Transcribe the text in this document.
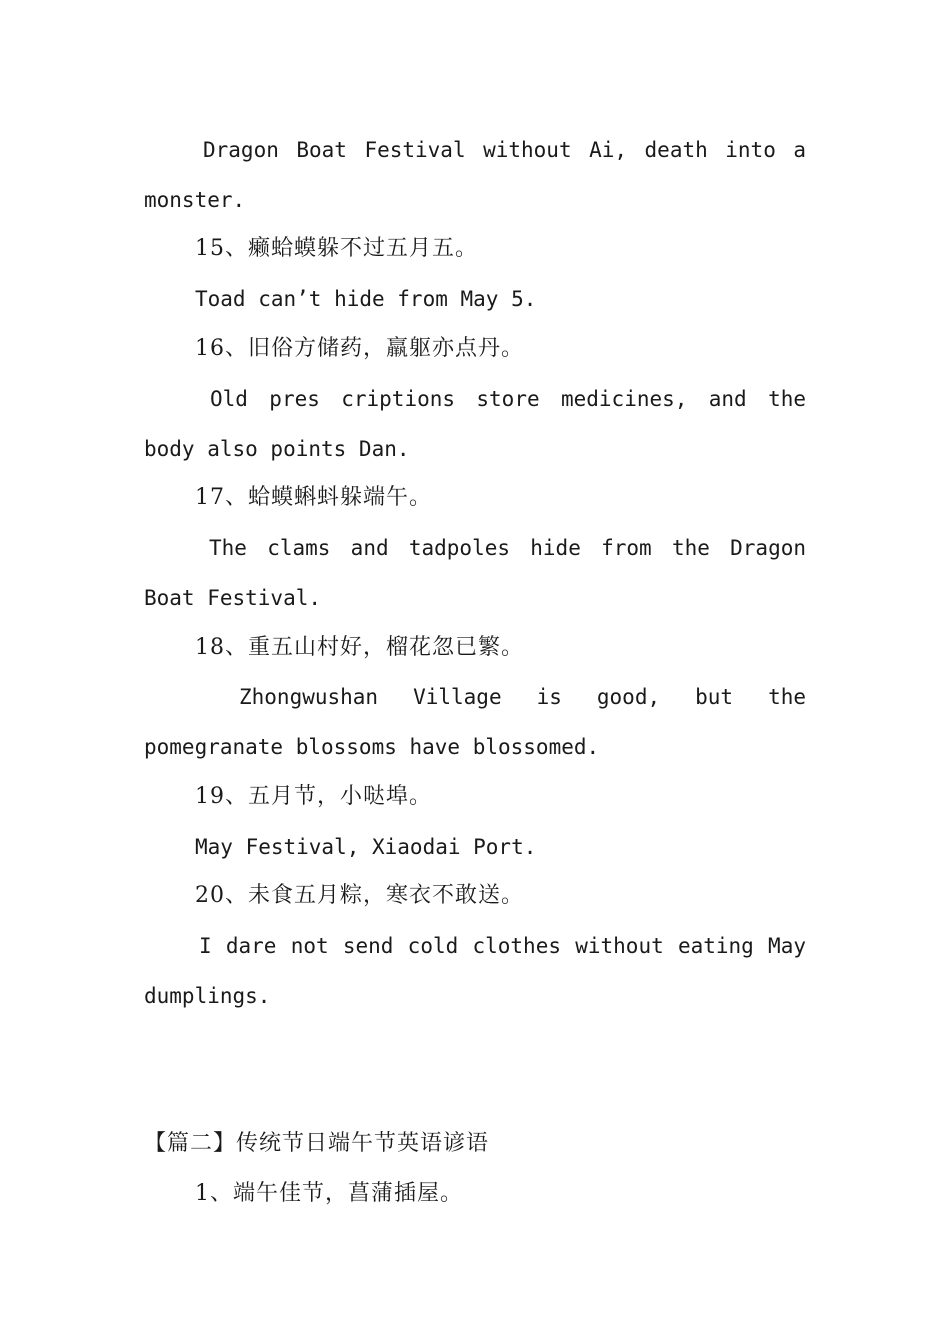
Dragon Boat Festival without Ai, death into a
monster.
15、癞蛤蟆躲不过五月五。
Toad can’t hide from May 5.
16、旧俗方储药，羸躯亦点丹。
Old pres criptions store medicines, and the
body also points Dan.
17、蛤蟆蝌蚪躲端午。
The clams and tadpoles hide from the Dragon
Boat Festival.
18、重五山村好，榴花忽已繁。
Zhongwushan Village is good, but the
pomegranate blossoms have blossomed.
19、五月节，小哒埠。
May Festival, Xiaodai Port.
20、未食五月粽，寒衣不敢送。
I dare not send cold clothes without eating May
dumplings.
【篇二】传统节日端午节英语谚语
1、端午佳节，菖蒲插屋。
